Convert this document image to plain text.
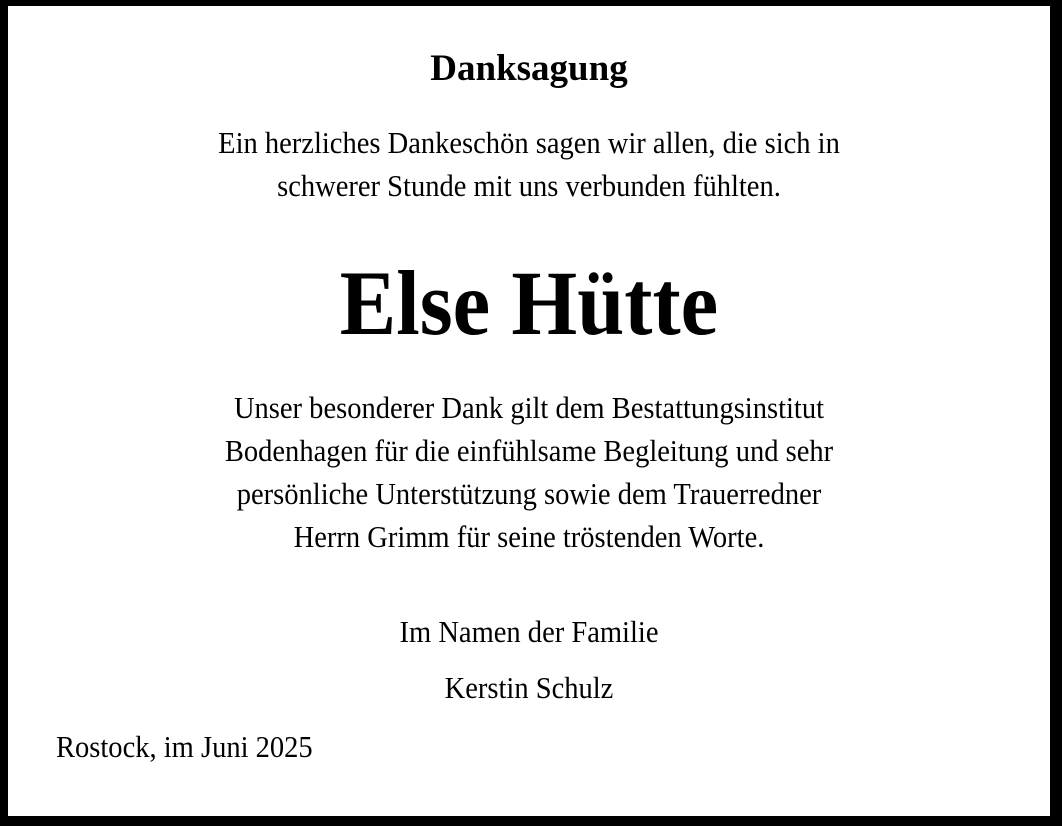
Danksagung
Ein herzliches Dankeschön sagen wir allen, die sich in
schwerer Stunde mit uns verbunden fühlten.
Else Hütte
Unser besonderer Dank gilt dem Bestattungsinstitut
Bodenhagen für die einfühlsame Begleitung und sehr
persönliche Unterstützung sowie dem Trauerredner
Herrn Grimm für seine tröstenden Worte.
Im Namen der Familie
Kerstin Schulz
Rostock, im Juni 2025
